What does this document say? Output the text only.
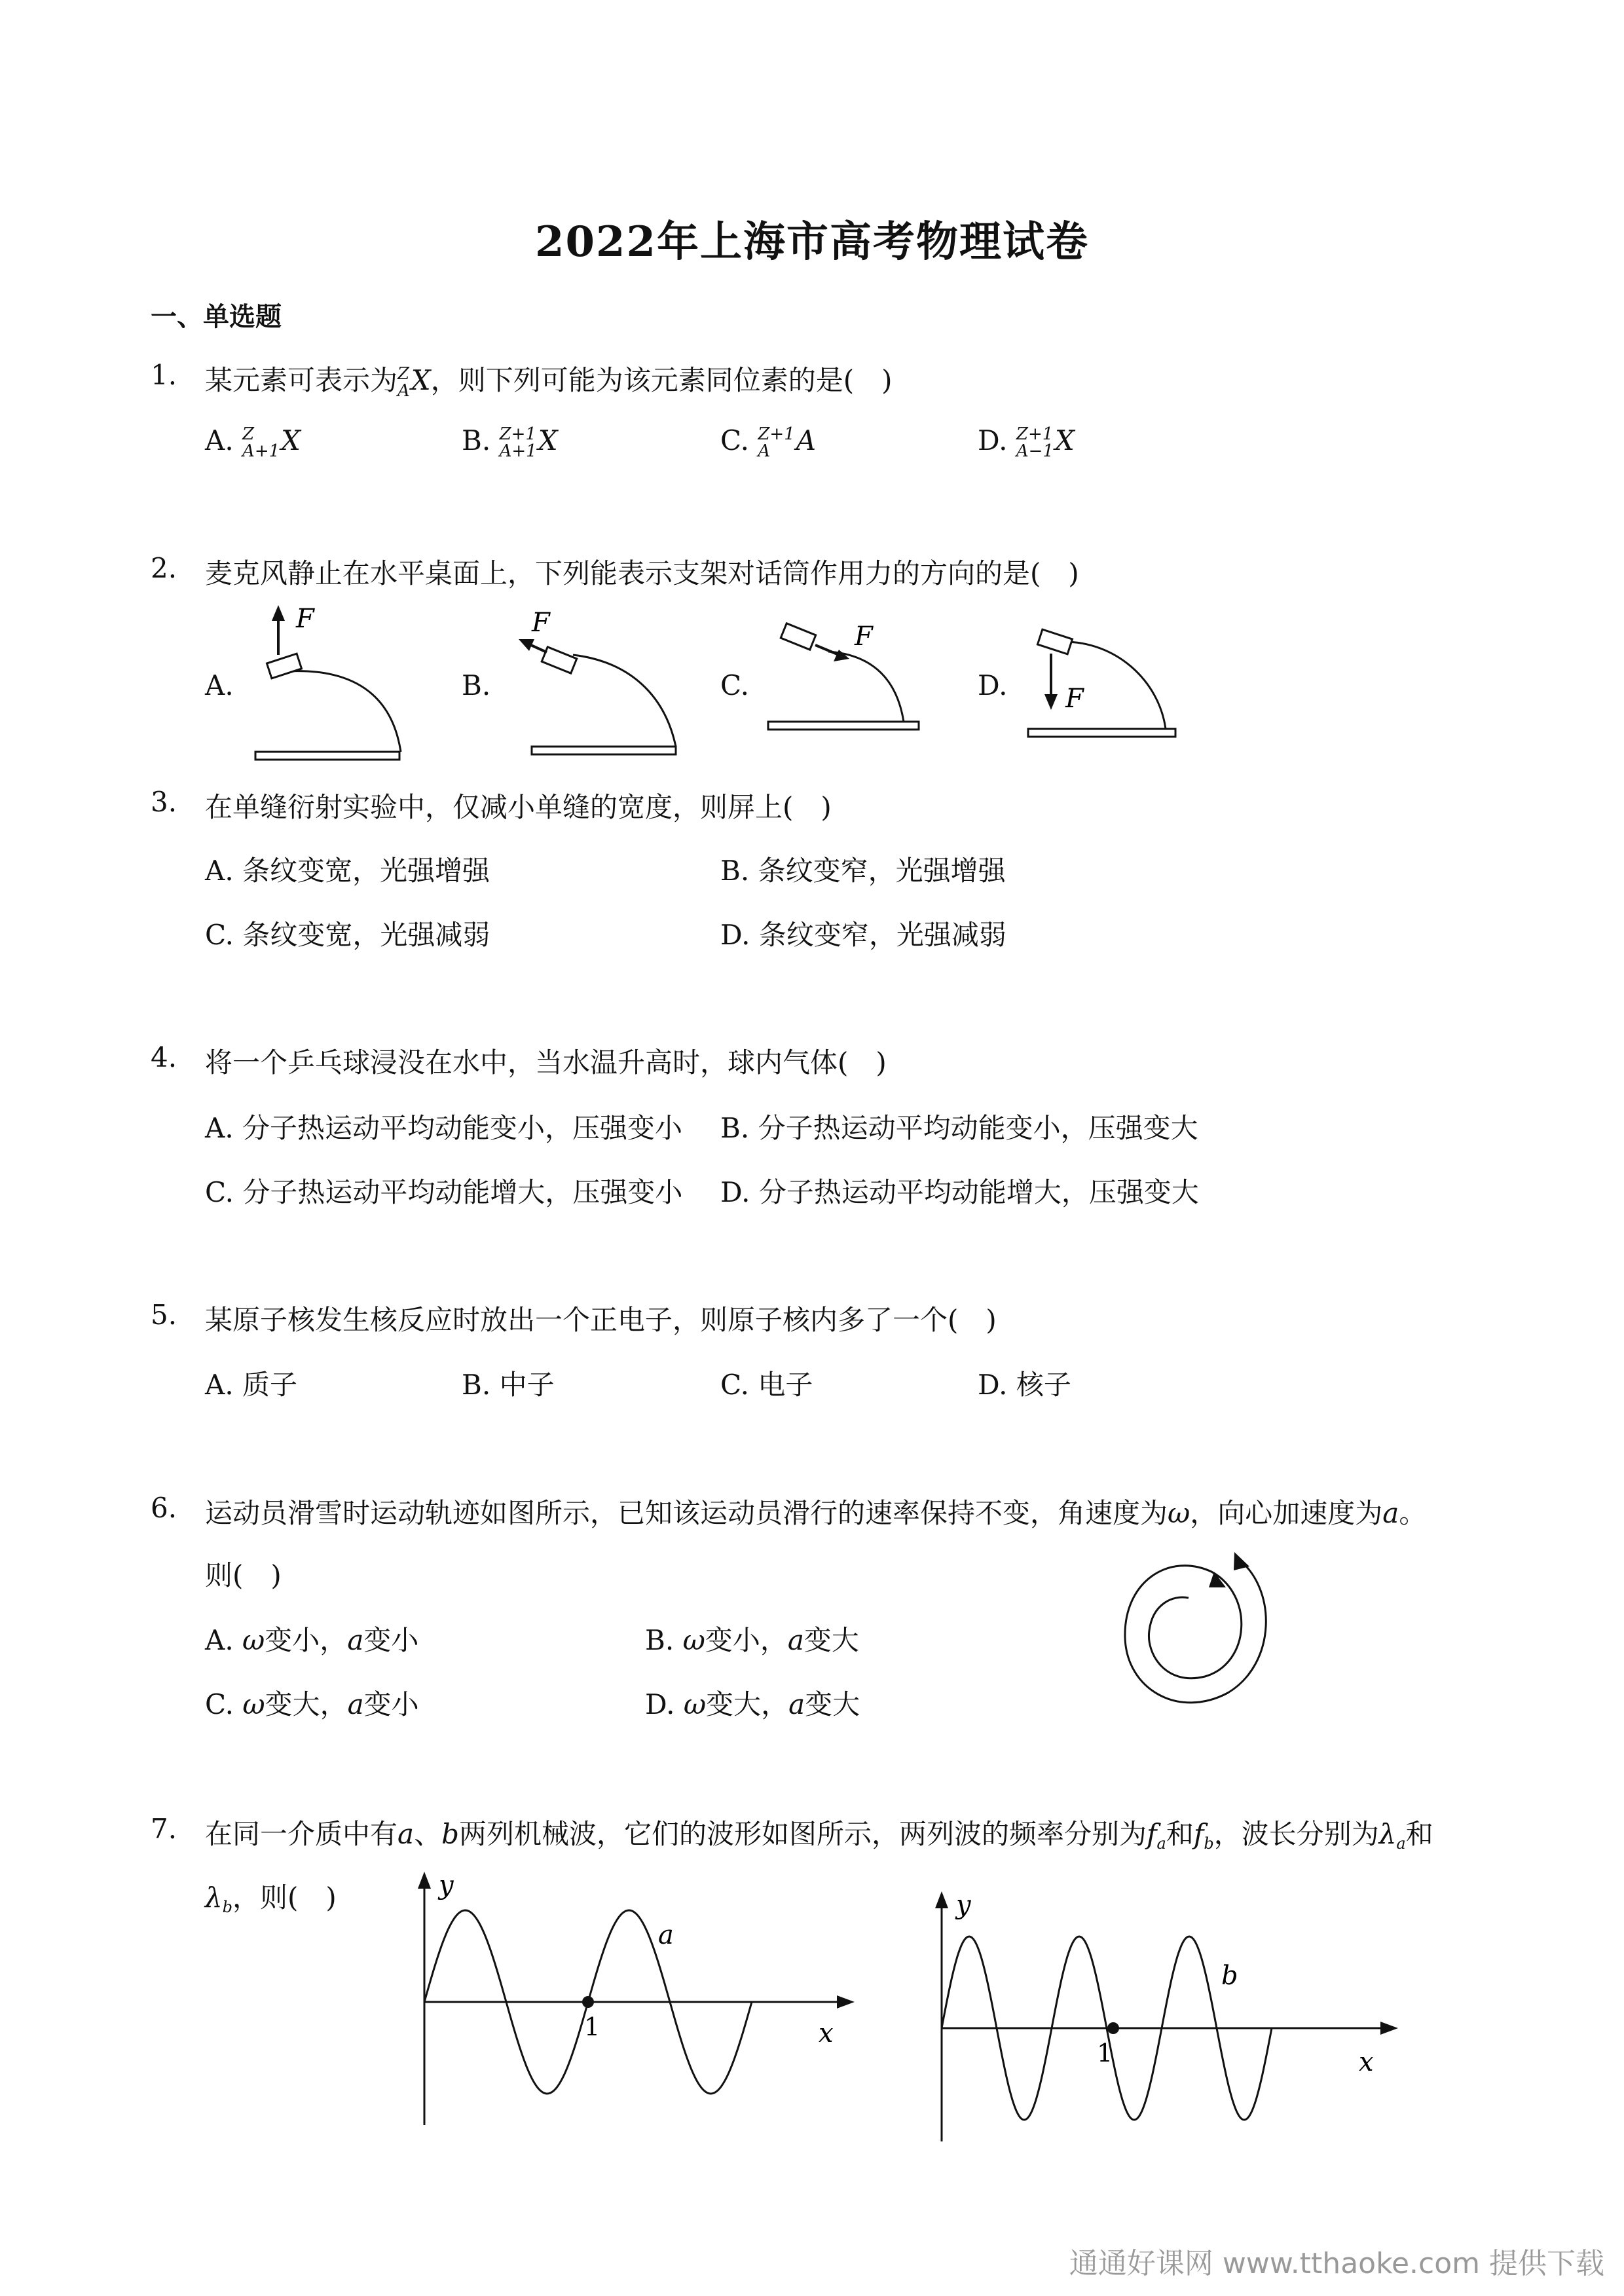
2022年上海市高考物理试卷
一、单选题
1. 某元素可表示为 Z
A X，则下列可能为该元素同位素的是(　)
A. Z
A+1 X	B. Z+1
A+1 X	C. Z+1
A A	D. Z+1
A−1 X
2. 麦克风静止在水平桌面上，下列能表示支架对话筒作用力的方向的是(　)
A.	B.	C.	D.
F	F	F
F
3. 在单缝衍射实验中，仅减小单缝的宽度，则屏上(　)
A. 条纹变宽，光强增强	B. 条纹变窄，光强增强
C. 条纹变宽，光强减弱	D. 条纹变窄，光强减弱
4. 将一个乒乓球浸没在水中，当水温升高时，球内气体(　)
A. 分子热运动平均动能变小，压强变小 B. 分子热运动平均动能变小，压强变大
C. 分子热运动平均动能增大，压强变小 D. 分子热运动平均动能增大，压强变大
5. 某原子核发生核反应时放出一个正电子，则原子核内多了一个(　)
A. 质子	B. 中子	C. 电子	D. 核子
6. 运动员滑雪时运动轨迹如图所示，已知该运动员滑行的速率保持不变，角速度为ω，向心加速度为a。
则(　)
A. ω变小，a变小	B. ω变小，a变大
C. ω变大，a变小	D. ω变大，a变大
7. 在同一介质中有a、b两列机械波，它们的波形如图所示，两列波的频率分别为$f_a$和$f_b$，波长分别为$\lambda_a$和
$\lambda_b$，则(　)
1
y
x
a
1
y
x
b
通通好课网 www.tthaoke.com 提供下载
